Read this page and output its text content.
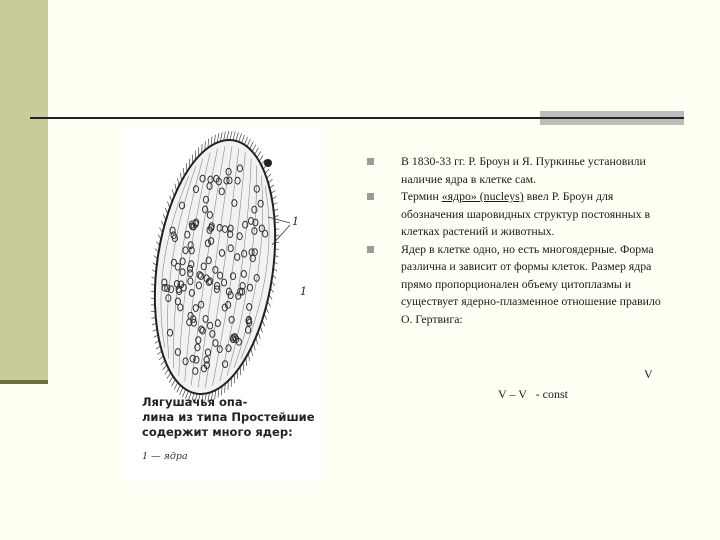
1
1
Лягушачья опа-
лина из типа Простейшие
содержит много ядер:
1 — ядра
В 1830-33 гг. Р. Броун и Я. Пуркинье установили наличие ядра в клетке сам.
Термин «ядро» (nucleys) ввел Р. Броун для обозначения шаровидных структур постоянных в клетках растений и животных.
Ядер в клетке одно, но есть многоядерные. Форма различна и зависит от формы клеток. Размер ядра прямо пропорционален объему цитоплазмы и существует ядерно-плазменное отношение правило О. Гертвига:
V
V – V   - const
